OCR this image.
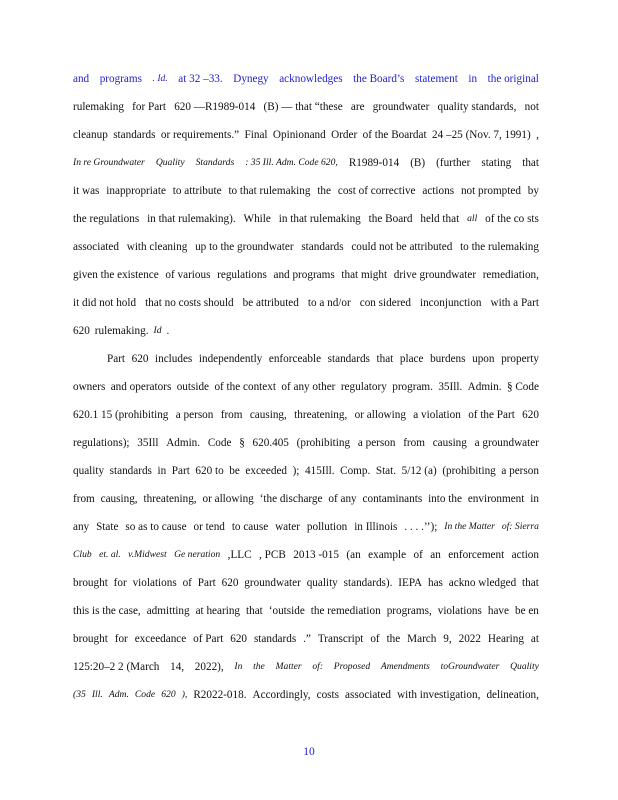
and programs . Id. at 32 –33. Dynegy acknowledges the Board’s statement in the original
rulemaking for Part 620 —R1989-014 (B) — that “these are groundwater quality standards, not
cleanup standards or requirements.” Final Opinionand Order of the Boardat 24 –25 (Nov. 7, 1991) ,
In re Groundwater Quality Standards : 35 Ill. Adm. Code 620, R1989-014 (B) (further stating that
it was inappropriate to attribute to that rulemaking the cost of corrective actions not prompted by
the regulations in that rulemaking). While in that rulemaking the Board held that all of the co sts
associated with cleaning up to the groundwater standards could not be attributed to the rulemaking
given the existence of various regulations and programs that might drive groundwater remediation,
it did not hold that no costs should be attributed to a nd/or con sidered inconjunction with a Part
620 rulemaking. Id .
Part 620 includes independently enforceable standards that place burdens upon property
owners and operators outside of the context of any other regulatory program. 35Ill. Admin. § Code
620.1 15 (prohibiting a person from causing, threatening, or allowing a violation of the Part 620
regulations); 35Ill Admin. Code § 620.405 (prohibiting a person from causing a groundwater
quality standards in Part 620 to be exceeded ); 415Ill. Comp. Stat. 5/12 (a) (prohibiting a person
from causing, threatening, or allowing ‘the discharge of any contaminants into the environment in
any State so as to cause or tend to cause water pollution in Illinois . . . .’’); In the Matter of: Sierra
Club et. al. v.Midwest Ge neration ,LLC , PCB 2013 -015 (an example of an enforcement action
brought for violations of Part 620 groundwater quality standards). IEPA has ackno wledged that
this is the case, admitting at hearing that ‘outside the remediation programs, violations have be en
brought for exceedance of Part 620 standards .” Transcript of the March 9, 2022 Hearing at
125:20–2 2 (March 14, 2022), In the Matter of: Proposed Amendments toGroundwater Quality
(35 Ill. Adm. Code 620 ), R2022-018. Accordingly, costs associated with investigation, delineation,
10
